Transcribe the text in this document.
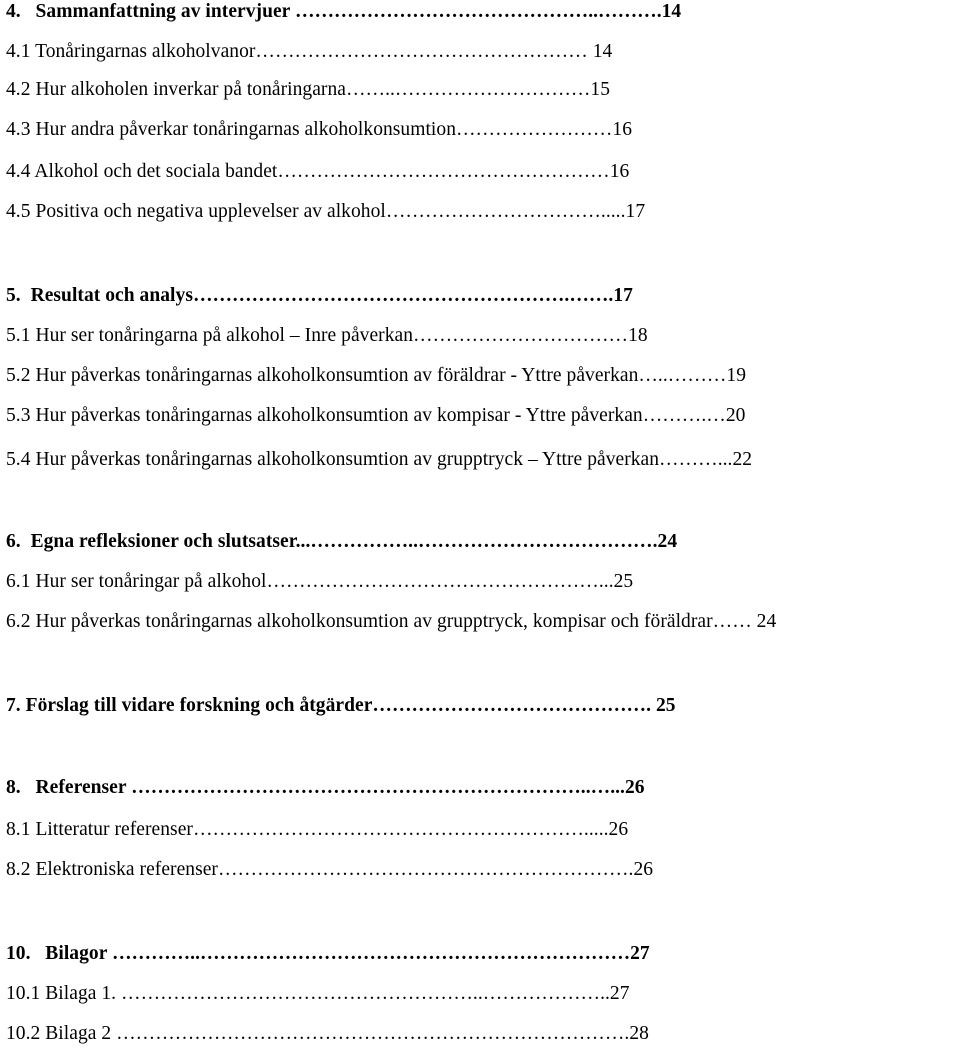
4.   Sammanfattning av intervjuer ………………………………………..……….14
4.1 Tonåringarnas alkoholvanor…………………………………………… 14
4.2 Hur alkoholen inverkar på tonåringarna……..…………………………15
4.3 Hur andra påverkar tonåringarnas alkoholkonsumtion……………………16
4.4 Alkohol och det sociala bandet……………………………………………16
4.5 Positiva och negativa upplevelser av alkohol…………………………….....17
5.  Resultat och analys………………………………………………….…….17
5.1 Hur ser tonåringarna på alkohol – Inre påverkan……………………………18
5.2 Hur påverkas tonåringarnas alkoholkonsumtion av föräldrar - Yttre påverkan…..………19
5.3 Hur påverkas tonåringarnas alkoholkonsumtion av kompisar - Yttre påverkan……….…20
5.4 Hur påverkas tonåringarnas alkoholkonsumtion av grupptryck – Yttre påverkan………...22
6.  Egna refleksioner och slutsatser...……………..……………………………….24
6.1 Hur ser tonåringar på alkohol……………………………………………...25
6.2 Hur påverkas tonåringarnas alkoholkonsumtion av grupptryck, kompisar och föräldrar…… 24
7. Förslag till vidare forskning och åtgärder……………………………………. 25
8.   Referenser ……………………………………………………………..…...26
8.1 Litteratur referenser…………………………………………………….....26
8.2 Elektroniska referenser……………………………………………………….26
10.   Bilagor …………..…………………………………………………………27
10.1 Bilaga 1. ………………………………………………..………………..27
10.2 Bilaga 2 …………………………………………………………………….28
